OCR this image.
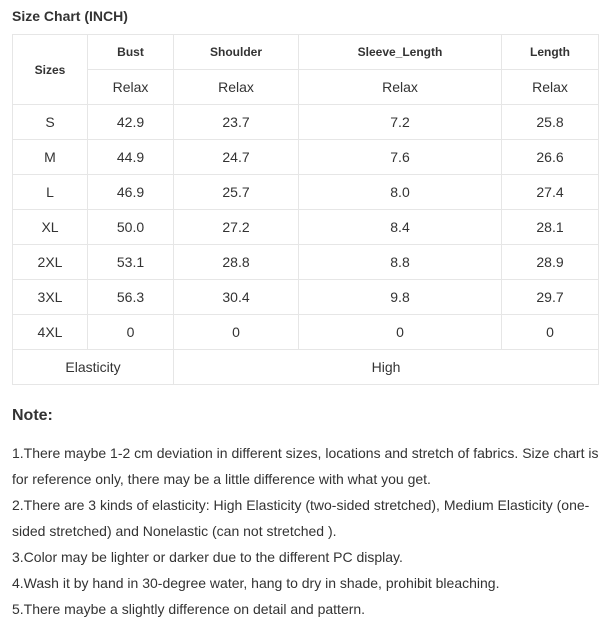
Size Chart (INCH)
Sizes	Bust	Shoulder	Sleeve_Length	Length
	Relax	Relax	Relax	Relax
S	42.9	23.7	7.2	25.8
M	44.9	24.7	7.6	26.6
L	46.9	25.7	8.0	27.4
XL	50.0	27.2	8.4	28.1
2XL	53.1	28.8	8.8	28.9
3XL	56.3	30.4	9.8	29.7
4XL	0	0	0	0
Elasticity		High		
Note:

1.There maybe 1-2 cm deviation in different sizes, locations and stretch of fabrics. Size chart is for reference only, there may be a little difference with what you get.

2.There are 3 kinds of elasticity: High Elasticity (two-sided stretched), Medium Elasticity (one-sided stretched) and Nonelastic (can not stretched ).

3.Color may be lighter or darker due to the different PC display.

4.Wash it by hand in 30-degree water, hang to dry in shade, prohibit bleaching.

5.There maybe a slightly difference on detail and pattern.
